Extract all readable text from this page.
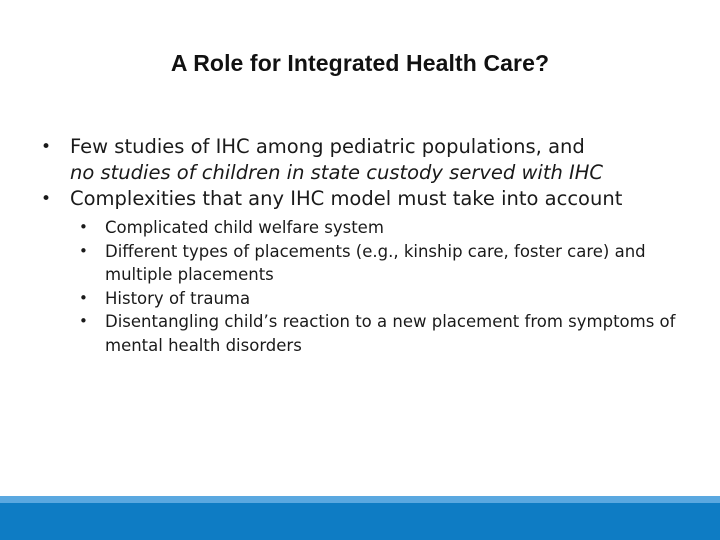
A Role for Integrated Health Care?

• Few studies of IHC among pediatric populations, and
no studies of children in state custody served with IHC

• Complexities that any IHC model must take into account

• Complicated child welfare system

• Different types of placements (e.g., kinship care, foster care) and multiple placements

• History of trauma

• Disentangling child’s reaction to a new placement from symptoms of mental health disorders
